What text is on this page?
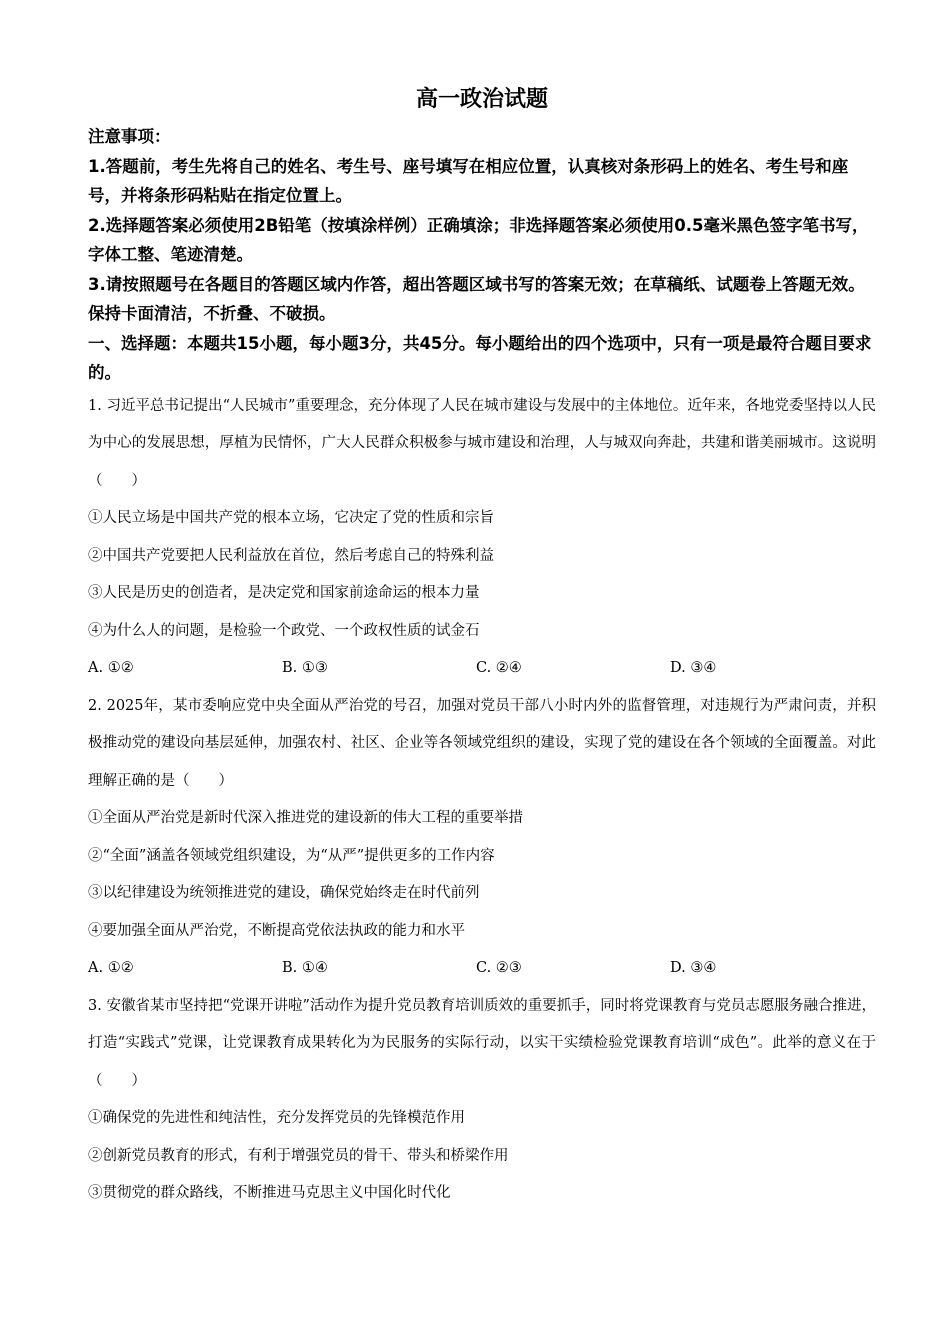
高一政治试题

注意事项：

1.答题前，考生先将自己的姓名、考生号、座号填写在相应位置，认真核对条形码上的姓名、考生号和座号，并将条形码粘贴在指定位置上。

2.选择题答案必须使用2B铅笔（按填涂样例）正确填涂；非选择题答案必须使用0.5毫米黑色签字笔书写，字体工整、笔迹清楚。

3.请按照题号在各题目的答题区域内作答，超出答题区域书写的答案无效；在草稿纸、试题卷上答题无效。保持卡面清洁，不折叠、不破损。

一、选择题：本题共15小题，每小题3分，共45分。每小题给出的四个选项中，只有一项是最符合题目要求的。

1. 习近平总书记提出“人民城市”重要理念，充分体现了人民在城市建设与发展中的主体地位。近年来，各地党委坚持以人民为中心的发展思想，厚植为民情怀，广大人民群众积极参与城市建设和治理，人与城双向奔赴，共建和谐美丽城市。这说明（　　）

①人民立场是中国共产党的根本立场，它决定了党的性质和宗旨

②中国共产党要把人民利益放在首位，然后考虑自己的特殊利益

③人民是历史的创造者，是决定党和国家前途命运的根本力量

④为什么人的问题，是检验一个政党、一个政权性质的试金石

A. ①②	B. ①③	C. ②④	D. ③④

2. 2025年，某市委响应党中央全面从严治党的号召，加强对党员干部八小时内外的监督管理，对违规行为严肃问责，并积极推动党的建设向基层延伸，加强农村、社区、企业等各领域党组织的建设，实现了党的建设在各个领域的全面覆盖。对此理解正确的是（　　）

①全面从严治党是新时代深入推进党的建设新的伟大工程的重要举措

②“全面”涵盖各领域党组织建设，为“从严”提供更多的工作内容

③以纪律建设为统领推进党的建设，确保党始终走在时代前列

④要加强全面从严治党，不断提高党依法执政的能力和水平

A. ①②	B. ①④	C. ②③	D. ③④

3. 安徽省某市坚持把“党课开讲啦”活动作为提升党员教育培训质效的重要抓手，同时将党课教育与党员志愿服务融合推进，打造“实践式”党课，让党课教育成果转化为为民服务的实际行动，以实干实绩检验党课教育培训“成色”。此举的意义在于（　　）

①确保党的先进性和纯洁性，充分发挥党员的先锋模范作用

②创新党员教育的形式，有利于增强党员的骨干、带头和桥梁作用

③贯彻党的群众路线，不断推进马克思主义中国化时代化
